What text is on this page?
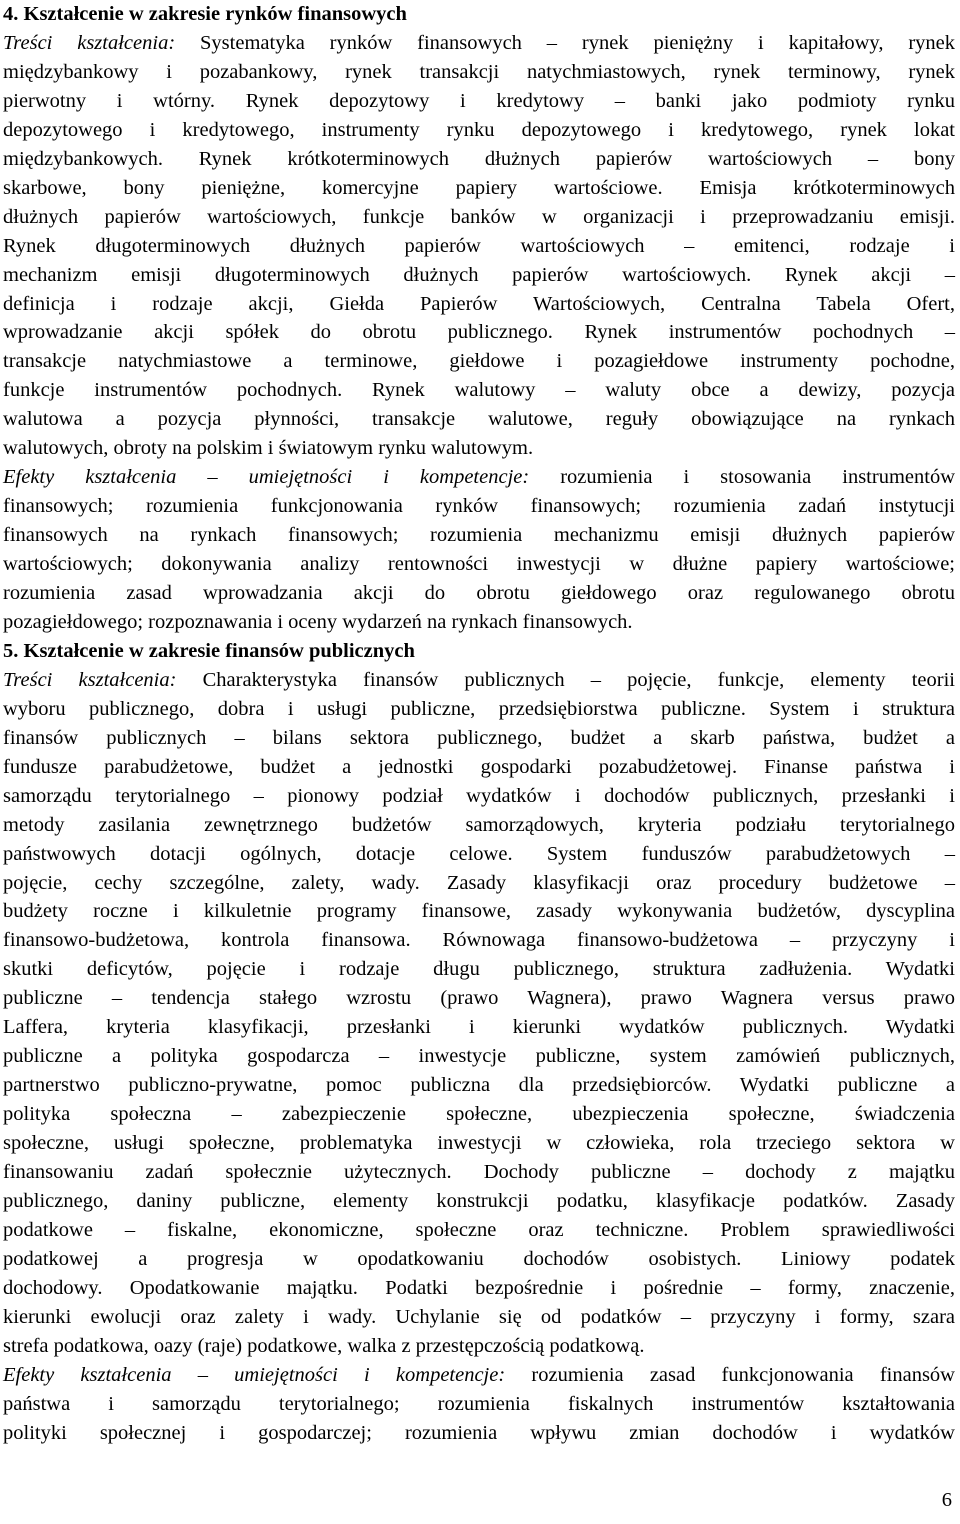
4. Kształcenie w zakresie rynków finansowych
Treści kształcenia: Systematyka rynków finansowych – rynek pieniężny i kapitałowy, rynek
międzybankowy i pozabankowy, rynek transakcji natychmiastowych, rynek terminowy, rynek
pierwotny i wtórny. Rynek depozytowy i kredytowy – banki jako podmioty rynku
depozytowego i kredytowego, instrumenty rynku depozytowego i kredytowego, rynek lokat
międzybankowych. Rynek krótkoterminowych dłużnych papierów wartościowych – bony
skarbowe, bony pieniężne, komercyjne papiery wartościowe. Emisja krótkoterminowych
dłużnych papierów wartościowych, funkcje banków w organizacji i przeprowadzaniu emisji.
Rynek długoterminowych dłużnych papierów wartościowych – emitenci, rodzaje i
mechanizm emisji długoterminowych dłużnych papierów wartościowych. Rynek akcji –
definicja i rodzaje akcji, Giełda Papierów Wartościowych, Centralna Tabela Ofert,
wprowadzanie akcji spółek do obrotu publicznego. Rynek instrumentów pochodnych –
transakcje natychmiastowe a terminowe, giełdowe i pozagiełdowe instrumenty pochodne,
funkcje instrumentów pochodnych. Rynek walutowy – waluty obce a dewizy, pozycja
walutowa a pozycja płynności, transakcje walutowe, reguły obowiązujące na rynkach
walutowych, obroty na polskim i światowym rynku walutowym.
Efekty kształcenia – umiejętności i kompetencje: rozumienia i stosowania instrumentów
finansowych; rozumienia funkcjonowania rynków finansowych; rozumienia zadań instytucji
finansowych na rynkach finansowych; rozumienia mechanizmu emisji dłużnych papierów
wartościowych; dokonywania analizy rentowności inwestycji w dłużne papiery wartościowe;
rozumienia zasad wprowadzania akcji do obrotu giełdowego oraz regulowanego obrotu
pozagiełdowego; rozpoznawania i oceny wydarzeń na rynkach finansowych.
5. Kształcenie w zakresie finansów publicznych
Treści kształcenia: Charakterystyka finansów publicznych – pojęcie, funkcje, elementy teorii
wyboru publicznego, dobra i usługi publiczne, przedsiębiorstwa publiczne. System i struktura
finansów publicznych – bilans sektora publicznego, budżet a skarb państwa, budżet a
fundusze parabudżetowe, budżet a jednostki gospodarki pozabudżetowej. Finanse państwa i
samorządu terytorialnego – pionowy podział wydatków i dochodów publicznych, przesłanki i
metody zasilania zewnętrznego budżetów samorządowych, kryteria podziału terytorialnego
państwowych dotacji ogólnych, dotacje celowe. System funduszów parabudżetowych –
pojęcie, cechy szczególne, zalety, wady. Zasady klasyfikacji oraz procedury budżetowe –
budżety roczne i kilkuletnie programy finansowe, zasady wykonywania budżetów, dyscyplina
finansowo-budżetowa, kontrola finansowa. Równowaga finansowo-budżetowa – przyczyny i
skutki deficytów, pojęcie i rodzaje długu publicznego, struktura zadłużenia. Wydatki
publiczne – tendencja stałego wzrostu (prawo Wagnera), prawo Wagnera versus prawo
Laffera, kryteria klasyfikacji, przesłanki i kierunki wydatków publicznych. Wydatki
publiczne a polityka gospodarcza – inwestycje publiczne, system zamówień publicznych,
partnerstwo publiczno-prywatne, pomoc publiczna dla przedsiębiorców. Wydatki publiczne a
polityka społeczna – zabezpieczenie społeczne, ubezpieczenia społeczne, świadczenia
społeczne, usługi społeczne, problematyka inwestycji w człowieka, rola trzeciego sektora w
finansowaniu zadań społecznie użytecznych. Dochody publiczne – dochody z majątku
publicznego, daniny publiczne, elementy konstrukcji podatku, klasyfikacje podatków. Zasady
podatkowe – fiskalne, ekonomiczne, społeczne oraz techniczne. Problem sprawiedliwości
podatkowej a progresja w opodatkowaniu dochodów osobistych. Liniowy podatek
dochodowy. Opodatkowanie majątku. Podatki bezpośrednie i pośrednie – formy, znaczenie,
kierunki ewolucji oraz zalety i wady. Uchylanie się od podatków – przyczyny i formy, szara
strefa podatkowa, oazy (raje) podatkowe, walka z przestępczością podatkową.
Efekty kształcenia – umiejętności i kompetencje: rozumienia zasad funkcjonowania finansów
państwa i samorządu terytorialnego; rozumienia fiskalnych instrumentów kształtowania
polityki społecznej i gospodarczej; rozumienia wpływu zmian dochodów i wydatków
6
